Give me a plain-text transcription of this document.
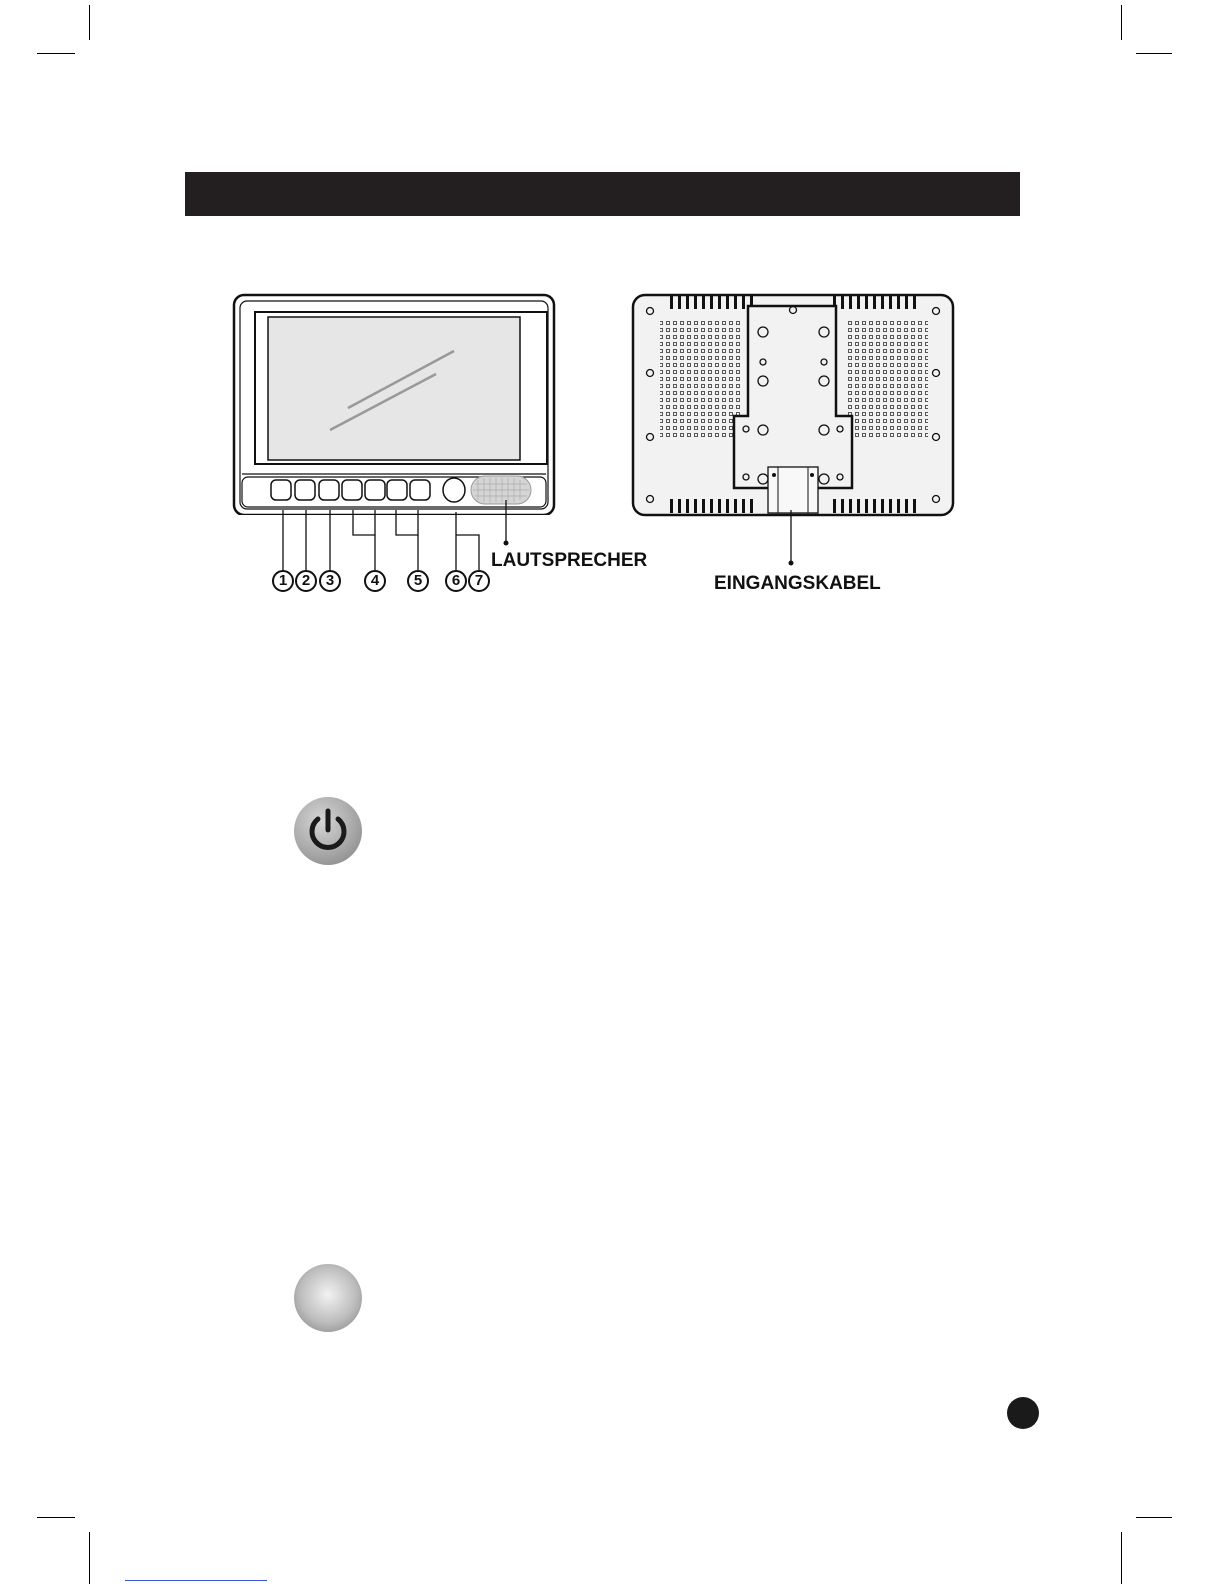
1 2	3	4	5	6 7
LAUTSPRECHER
EINGANGSKABEL
